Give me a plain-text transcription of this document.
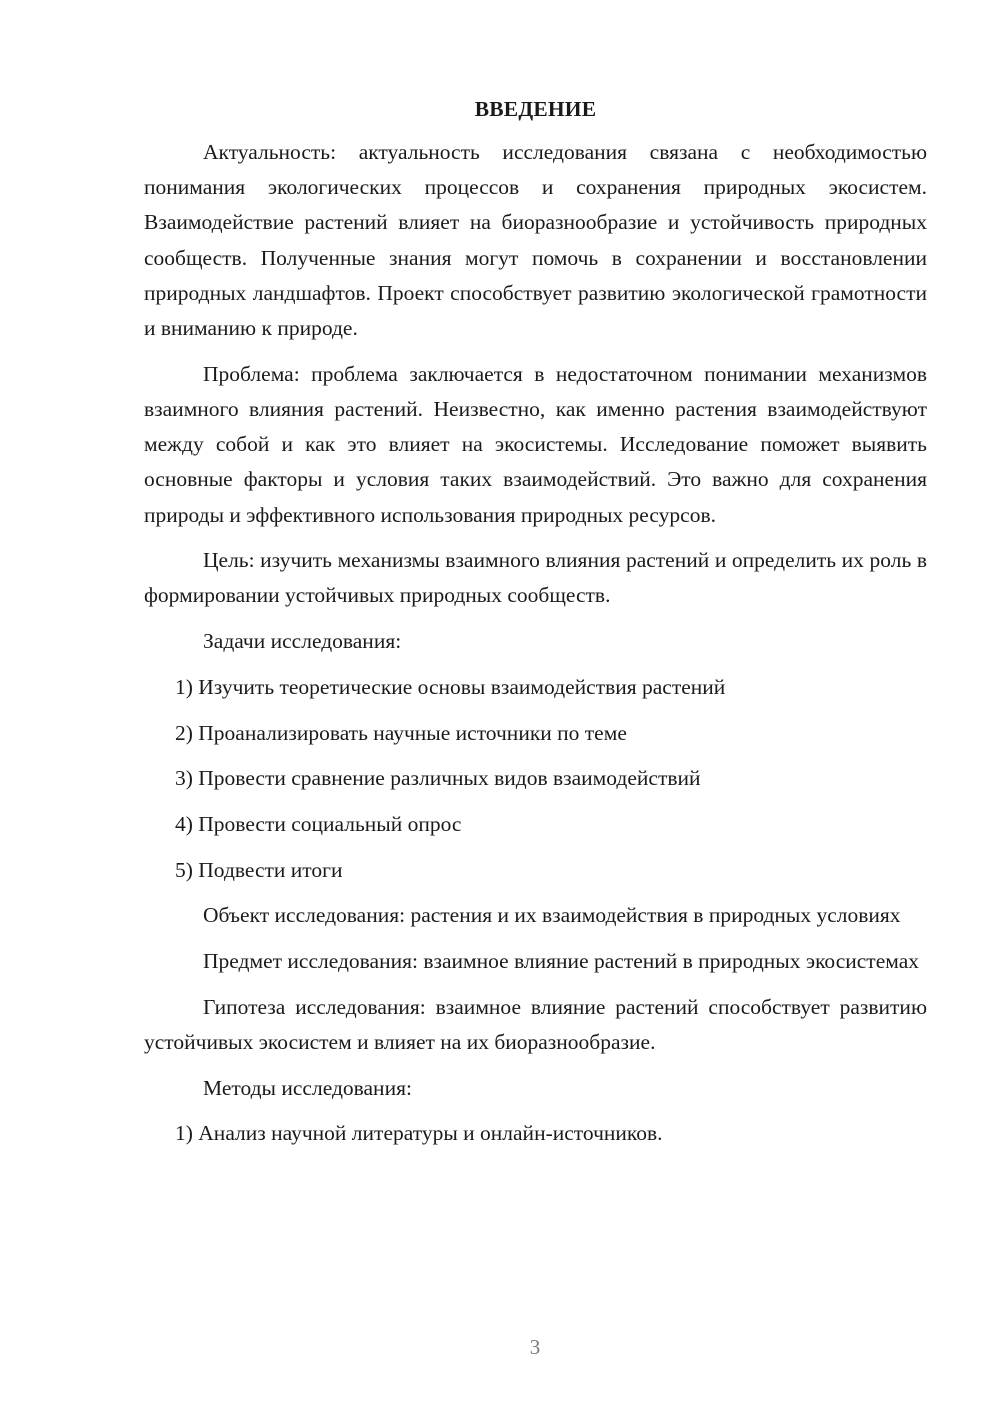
ВВЕДЕНИЕ

Актуальность: актуальность исследования связана с необходимостью понимания экологических процессов и сохранения природных экосистем. Взаимодействие растений влияет на биоразнообразие и устойчивость природных сообществ. Полученные знания могут помочь в сохранении и восстановлении природных ландшафтов. Проект способствует развитию экологической грамотности и вниманию к природе.

Проблема: проблема заключается в недостаточном понимании механизмов взаимного влияния растений. Неизвестно, как именно растения взаимодействуют между собой и как это влияет на экосистемы. Исследование поможет выявить основные факторы и условия таких взаимодействий. Это важно для сохранения природы и эффективного использования природных ресурсов.

Цель: изучить механизмы взаимного влияния растений и определить их роль в формировании устойчивых природных сообществ.

Задачи исследования:

1) Изучить теоретические основы взаимодействия растений

2) Проанализировать научные источники по теме

3) Провести сравнение различных видов взаимодействий

4) Провести социальный опрос

5) Подвести итоги

Объект исследования: растения и их взаимодействия в природных условиях

Предмет исследования: взаимное влияние растений в природных экосистемах

Гипотеза исследования: взаимное влияние растений способствует развитию устойчивых экосистем и влияет на их биоразнообразие.

Методы исследования:

1) Анализ научной литературы и онлайн-источников.

3
